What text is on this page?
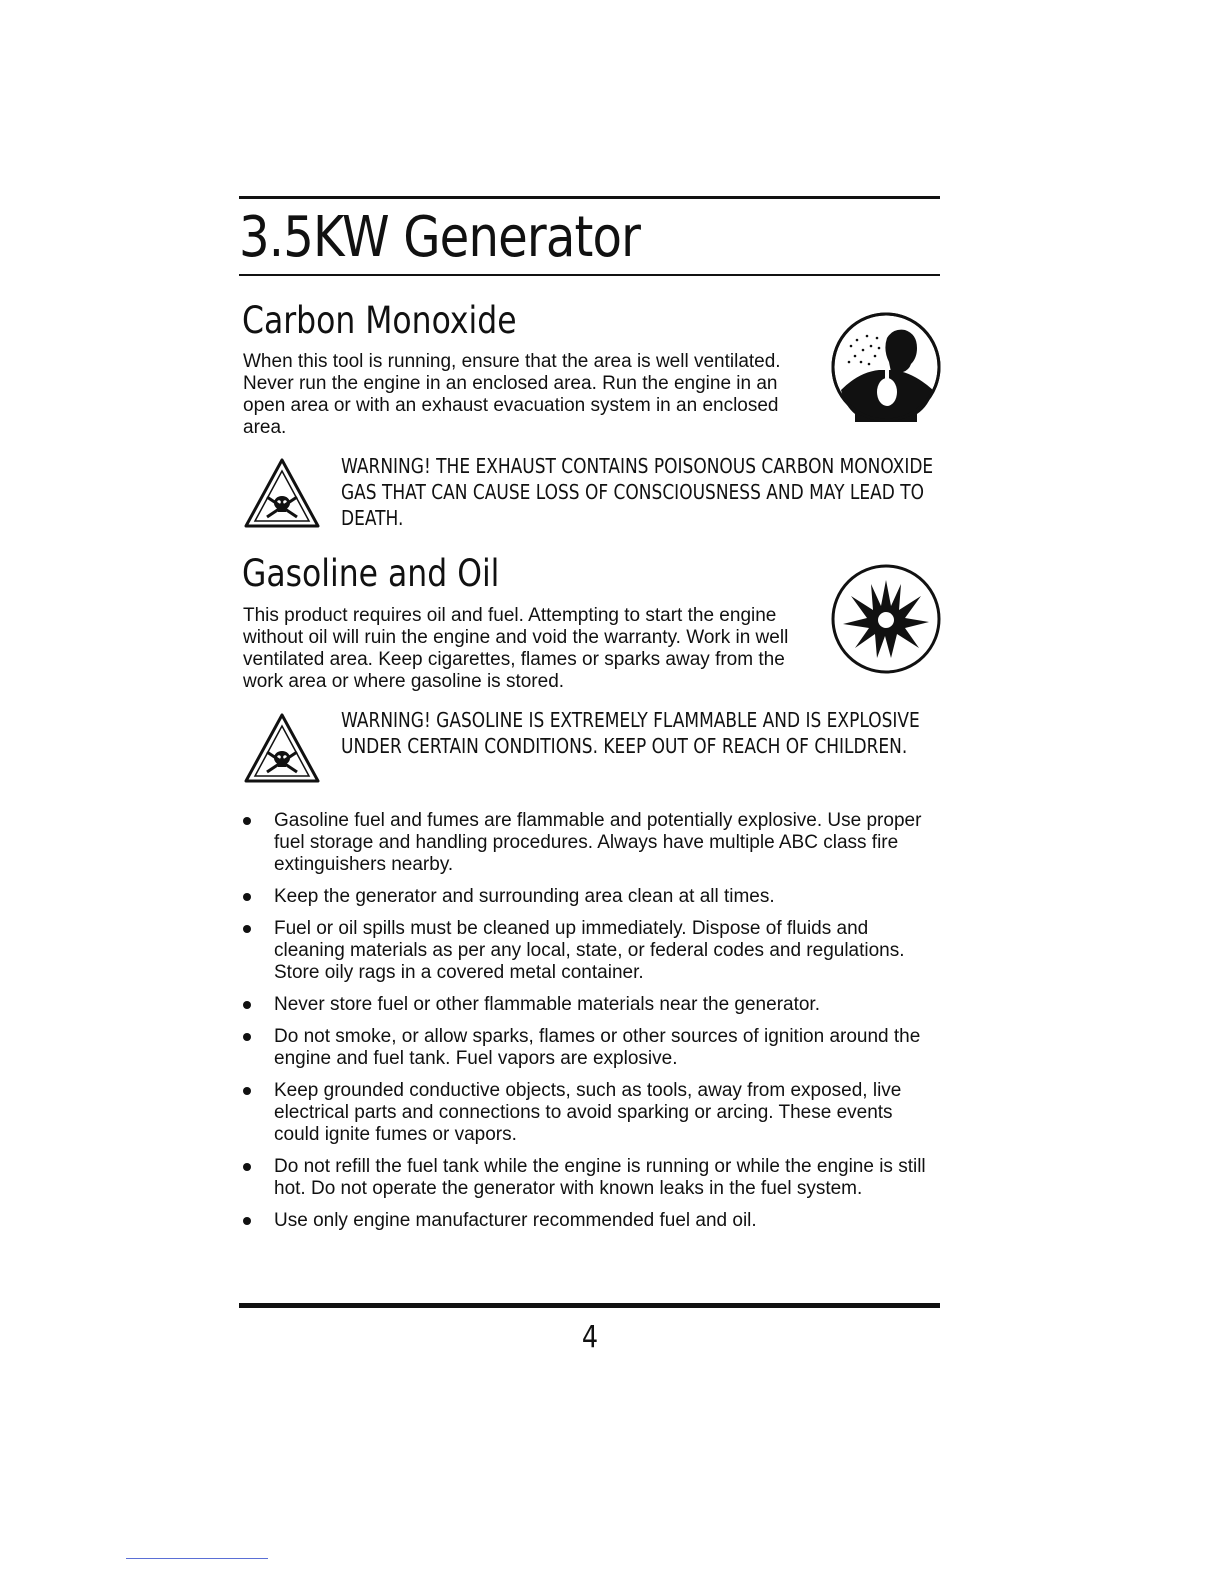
3.5KW Generator
Carbon Monoxide

When this tool is running, ensure that the area is well ventilated. Never run the engine in an enclosed area. Run the engine in an open area or with an exhaust evacuation system in an enclosed area.

WARNING! THE EXHAUST CONTAINS POISONOUS CARBON MONOXIDE GAS THAT CAN CAUSE LOSS OF CONSCIOUSNESS AND MAY LEAD TO DEATH.

Gasoline and Oil

This product requires oil and fuel. Attempting to start the engine without oil will ruin the engine and void the warranty. Work in well ventilated area. Keep cigarettes, flames or sparks away from the work area or where gasoline is stored.

WARNING! GASOLINE IS EXTREMELY FLAMMABLE AND IS EXPLOSIVE UNDER CERTAIN CONDITIONS. KEEP OUT OF REACH OF CHILDREN.

Gasoline fuel and fumes are flammable and potentially explosive. Use proper fuel storage and handling procedures. Always have multiple ABC class fire extinguishers nearby.
Keep the generator and surrounding area clean at all times.
Fuel or oil spills must be cleaned up immediately. Dispose of fluids and cleaning materials as per any local, state, or federal codes and regulations. Store oily rags in a covered metal container.
Never store fuel or other flammable materials near the generator.
Do not smoke, or allow sparks, flames or other sources of ignition around the engine and fuel tank. Fuel vapors are explosive.
Keep grounded conductive objects, such as tools, away from exposed, live electrical parts and connections to avoid sparking or arcing. These events could ignite fumes or vapors.
Do not refill the fuel tank while the engine is running or while the engine is still hot. Do not operate the generator with known leaks in the fuel system.
Use only engine manufacturer recommended fuel and oil.
4
